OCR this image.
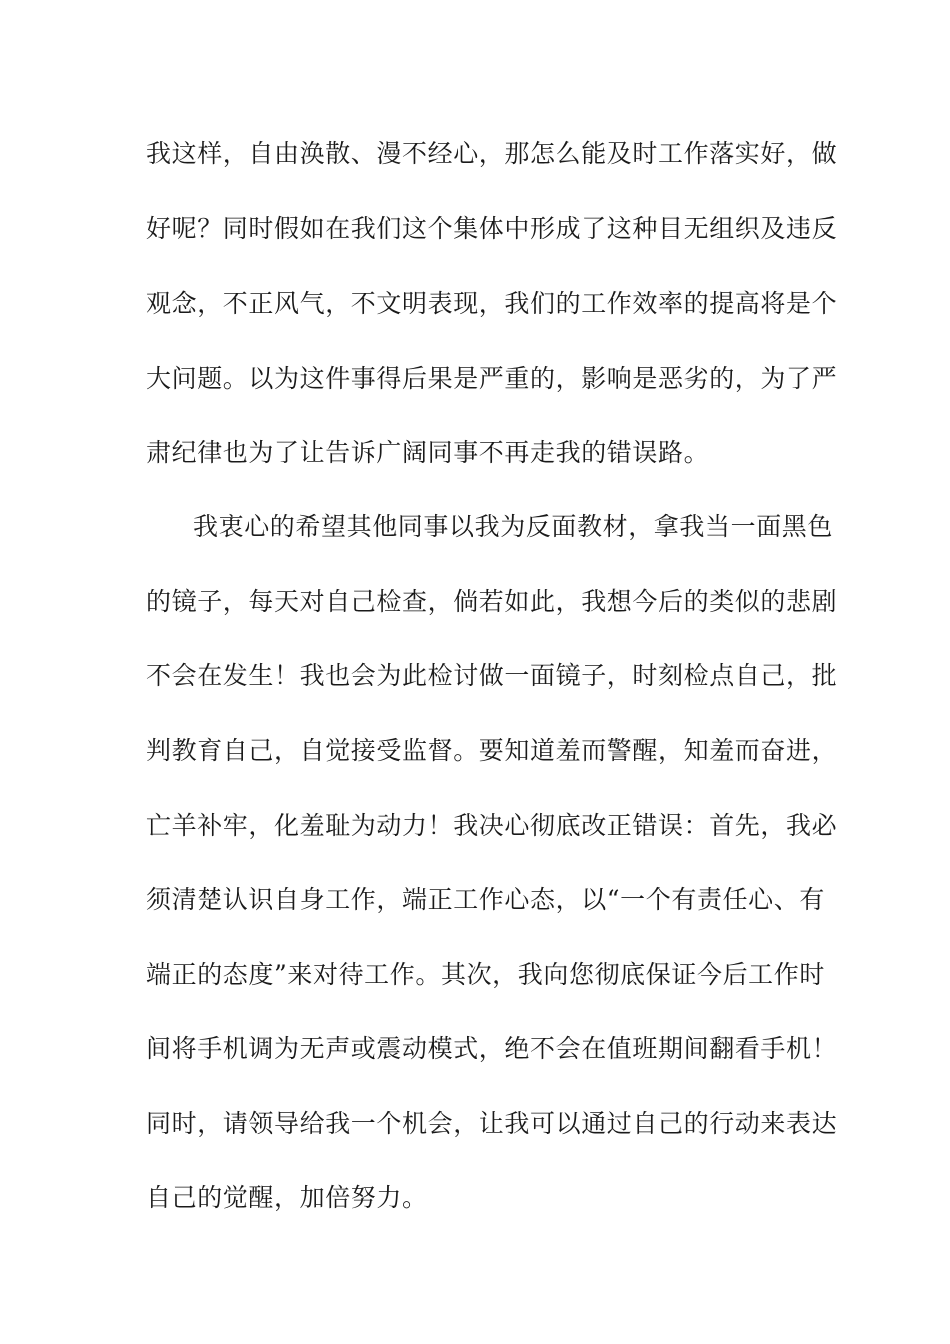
我这样，自由涣散、漫不经心，那怎么能及时工作落实好，做
好呢？同时假如在我们这个集体中形成了这种目无组织及违反
观念，不正风气，不文明表现，我们的工作效率的提高将是个
大问题。以为这件事得后果是严重的，影响是恶劣的，为了严
肃纪律也为了让告诉广阔同事不再走我的错误路。
我衷心的希望其他同事以我为反面教材，拿我当一面黑色
的镜子，每天对自己检查，倘若如此，我想今后的类似的悲剧
不会在发生！我也会为此检讨做一面镜子，时刻检点自己，批
判教育自己，自觉接受监督。要知道羞而警醒，知羞而奋进，
亡羊补牢，化羞耻为动力！我决心彻底改正错误：首先，我必
须清楚认识自身工作，端正工作心态，以“一个有责任心、有
端正的态度”来对待工作。其次，我向您彻底保证今后工作时
间将手机调为无声或震动模式，绝不会在值班期间翻看手机！
同时，请领导给我一个机会，让我可以通过自己的行动来表达
自己的觉醒，加倍努力。
